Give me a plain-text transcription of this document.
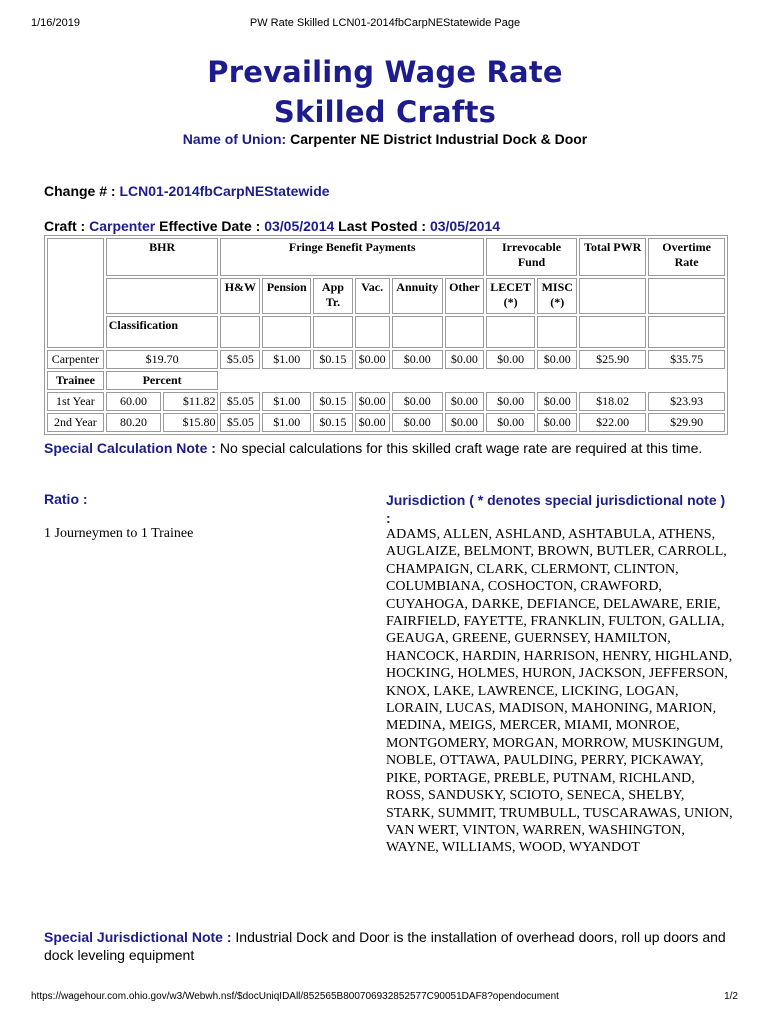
1/16/2019	PW Rate Skilled LCN01-2014fbCarpNEStatewide Page
Prevailing Wage Rate
Skilled Crafts
Name of Union: Carpenter NE District Industrial Dock & Door
Change # : LCN01-2014fbCarpNEStatewide
Craft : Carpenter Effective Date : 03/05/2014 Last Posted : 03/05/2014
	BHR		Fringe Benefit Payments						Irrevocable Fund		Total PWR	Overtime Rate
			H&W	Pension	App Tr.	Vac.	Annuity	Other	LECET (*)	MISC (*)		
	Classification											
Carpenter	$19.70		$5.05	$1.00	$0.15	$0.00	$0.00	$0.00	$0.00	$0.00	$25.90	$35.75
Trainee	Percent											
1st Year	60.00	$11.82	$5.05	$1.00	$0.15	$0.00	$0.00	$0.00	$0.00	$0.00	$18.02	$23.93
2nd Year	80.20	$15.80	$5.05	$1.00	$0.15	$0.00	$0.00	$0.00	$0.00	$0.00	$22.00	$29.90
Special Calculation Note : No special calculations for this skilled craft wage rate are required at this time.
Ratio :
1 Journeymen to 1 Trainee
Jurisdiction ( * denotes special jurisdictional note ) :
ADAMS, ALLEN, ASHLAND, ASHTABULA, ATHENS, AUGLAIZE, BELMONT, BROWN, BUTLER, CARROLL, CHAMPAIGN, CLARK, CLERMONT, CLINTON, COLUMBIANA, COSHOCTON, CRAWFORD, CUYAHOGA, DARKE, DEFIANCE, DELAWARE, ERIE, FAIRFIELD, FAYETTE, FRANKLIN, FULTON, GALLIA, GEAUGA, GREENE, GUERNSEY, HAMILTON, HANCOCK, HARDIN, HARRISON, HENRY, HIGHLAND, HOCKING, HOLMES, HURON, JACKSON, JEFFERSON, KNOX, LAKE, LAWRENCE, LICKING, LOGAN, LORAIN, LUCAS, MADISON, MAHONING, MARION, MEDINA, MEIGS, MERCER, MIAMI, MONROE, MONTGOMERY, MORGAN, MORROW, MUSKINGUM, NOBLE, OTTAWA, PAULDING, PERRY, PICKAWAY, PIKE, PORTAGE, PREBLE, PUTNAM, RICHLAND, ROSS, SANDUSKY, SCIOTO, SENECA, SHELBY, STARK, SUMMIT, TRUMBULL, TUSCARAWAS, UNION, VAN WERT, VINTON, WARREN, WASHINGTON, WAYNE, WILLIAMS, WOOD, WYANDOT
Special Jurisdictional Note : Industrial Dock and Door is the installation of overhead doors, roll up doors and dock leveling equipment
https://wagehour.com.ohio.gov/w3/Webwh.nsf/$docUniqIDAll/852565B800706932852577C90051DAF8?opendocument	1/2
